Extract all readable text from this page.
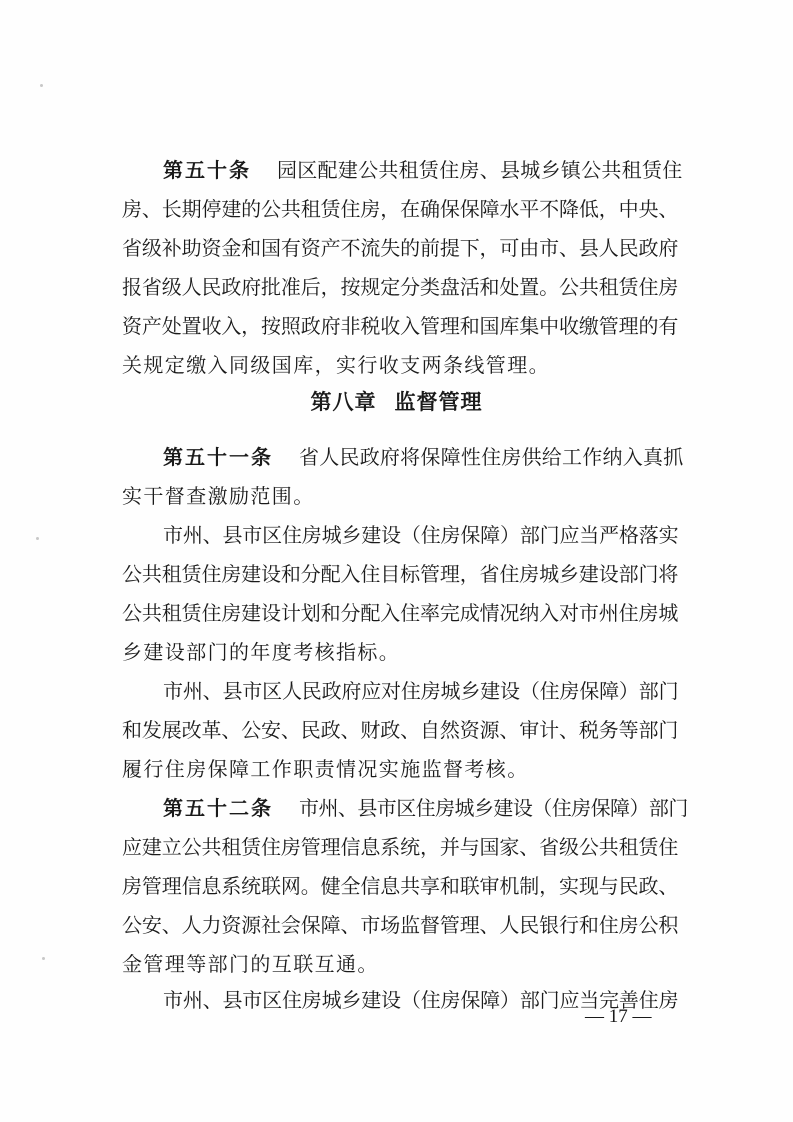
第五十条 园区配建公共租赁住房、县城乡镇公共租赁住
房、长期停建的公共租赁住房，在确保保障水平不降低，中央、
省级补助资金和国有资产不流失的前提下，可由市、县人民政府
报省级人民政府批准后，按规定分类盘活和处置。公共租赁住房
资产处置收入，按照政府非税收入管理和国库集中收缴管理的有
关规定缴入同级国库，实行收支两条线管理。
第八章 监督管理
第五十一条 省人民政府将保障性住房供给工作纳入真抓
实干督查激励范围。
市州、县市区住房城乡建设（住房保障）部门应当严格落实
公共租赁住房建设和分配入住目标管理，省住房城乡建设部门将
公共租赁住房建设计划和分配入住率完成情况纳入对市州住房城
乡建设部门的年度考核指标。
市州、县市区人民政府应对住房城乡建设（住房保障）部门
和发展改革、公安、民政、财政、自然资源、审计、税务等部门
履行住房保障工作职责情况实施监督考核。
第五十二条 市州、县市区住房城乡建设（住房保障）部门
应建立公共租赁住房管理信息系统，并与国家、省级公共租赁住
房管理信息系统联网。健全信息共享和联审机制，实现与民政、
公安、人力资源社会保障、市场监督管理、人民银行和住房公积
金管理等部门的互联互通。
市州、县市区住房城乡建设（住房保障）部门应当完善住房
— 17 —
